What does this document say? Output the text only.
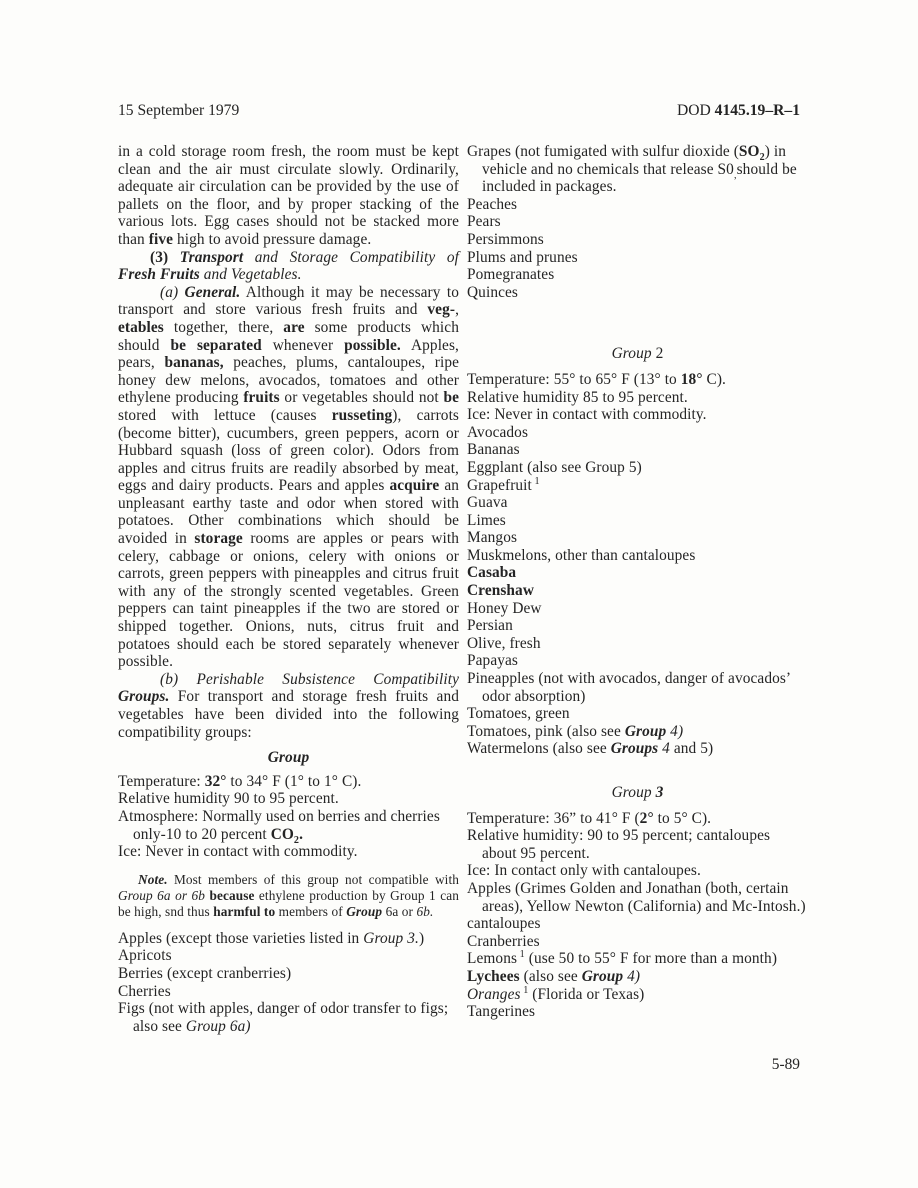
15 September 1979	DOD 4145.19–R–1

in a cold storage room fresh, the room must be kept clean and the air must circulate slowly. Ordinarily, adequate air circulation can be provided by the use of pallets on the floor, and by proper stacking of the various lots. Egg cases should not be stacked more than five high to avoid pressure damage.

(3) Transport and Storage Compatibility of Fresh Fruits and Vegetables.

(a) General. Although it may be necessary to transport and store various fresh fruits and veg-, etables together, there, are some products which should be separated whenever possible. Apples, pears, bananas, peaches, plums, cantaloupes, ripe honey dew melons, avocados, tomatoes and other ethylene producing fruits or vegetables should not be stored with lettuce (causes russeting), carrots (become bitter), cucumbers, green peppers, acorn or Hubbard squash (loss of green color). Odors from apples and citrus fruits are readily absorbed by meat, eggs and dairy products. Pears and apples acquire an unpleasant earthy taste and odor when stored with potatoes. Other combinations which should be avoided in storage rooms are apples or pears with celery, cabbage or onions, celery with onions or carrots, green peppers with pineapples and citrus fruit with any of the strongly scented vegetables. Green peppers can taint pineapples if the two are stored or shipped together. Onions, nuts, citrus fruit and potatoes should each be stored separately whenever possible.

(b) Perishable Subsistence Compatibility Groups. For transport and storage fresh fruits and vegetables have been divided into the following compatibility groups:

Group
Temperature: 32° to 34° F (1° to 1° C).
Relative humidity 90 to 95 percent.
Atmosphere: Normally used on berries and cherries only-10 to 20 percent $CO_2$.
Ice: Never in contact with commodity.

Note. Most members of this group not compatible with Group 6a or 6b because ethylene production by Group 1 can be high, snd thus harmful to members of Group 6a or 6b.

Apples (except those varieties listed in Group 3.)
Apricots
Berries (except cranberries)
Cherries
Figs (not with apples, danger of odor transfer to figs; also see Group 6a)
Grapes (not fumigated with sulfur dioxide $(SO_2)$ in vehicle and no chemicals that release $S0_,should$ be included in packages.
Peaches
Pears
Persimmons
Plums and prunes
Pomegranates
Quinces
Group 2
Temperature: 55° to 65° F (13° to 18° C).
Relative humidity 85 to 95 percent.
Ice: Never in contact with commodity.
Avocados
Bananas
Eggplant (also see Group 5)
Grapefruit $^1$
Guava
Limes
Mangos
Muskmelons, other than cantaloupes
Casaba
Crenshaw
Honey Dew
Persian
Olive, fresh
Papayas
Pineapples (not with avocados, danger of avocados’ odor absorption)
Tomatoes, green
Tomatoes, pink (also see Group 4)
Watermelons (also see Groups 4 and 5)
Group 3
Temperature: 36” to 41° F (2° to 5° C).
Relative humidity: 90 to 95 percent; cantaloupes about 95 percent.
Ice: In contact only with cantaloupes.
Apples (Grimes Golden and Jonathan (both, certain areas), Yellow Newton (California) and Mc-Intosh.)
cantaloupes
Cranberries
Lemons $^1$ (use 50 to 55° F for more than a month)
Lychees (also see Group 4)
Oranges $^1$ (Florida or Texas)
Tangerines
5-89
